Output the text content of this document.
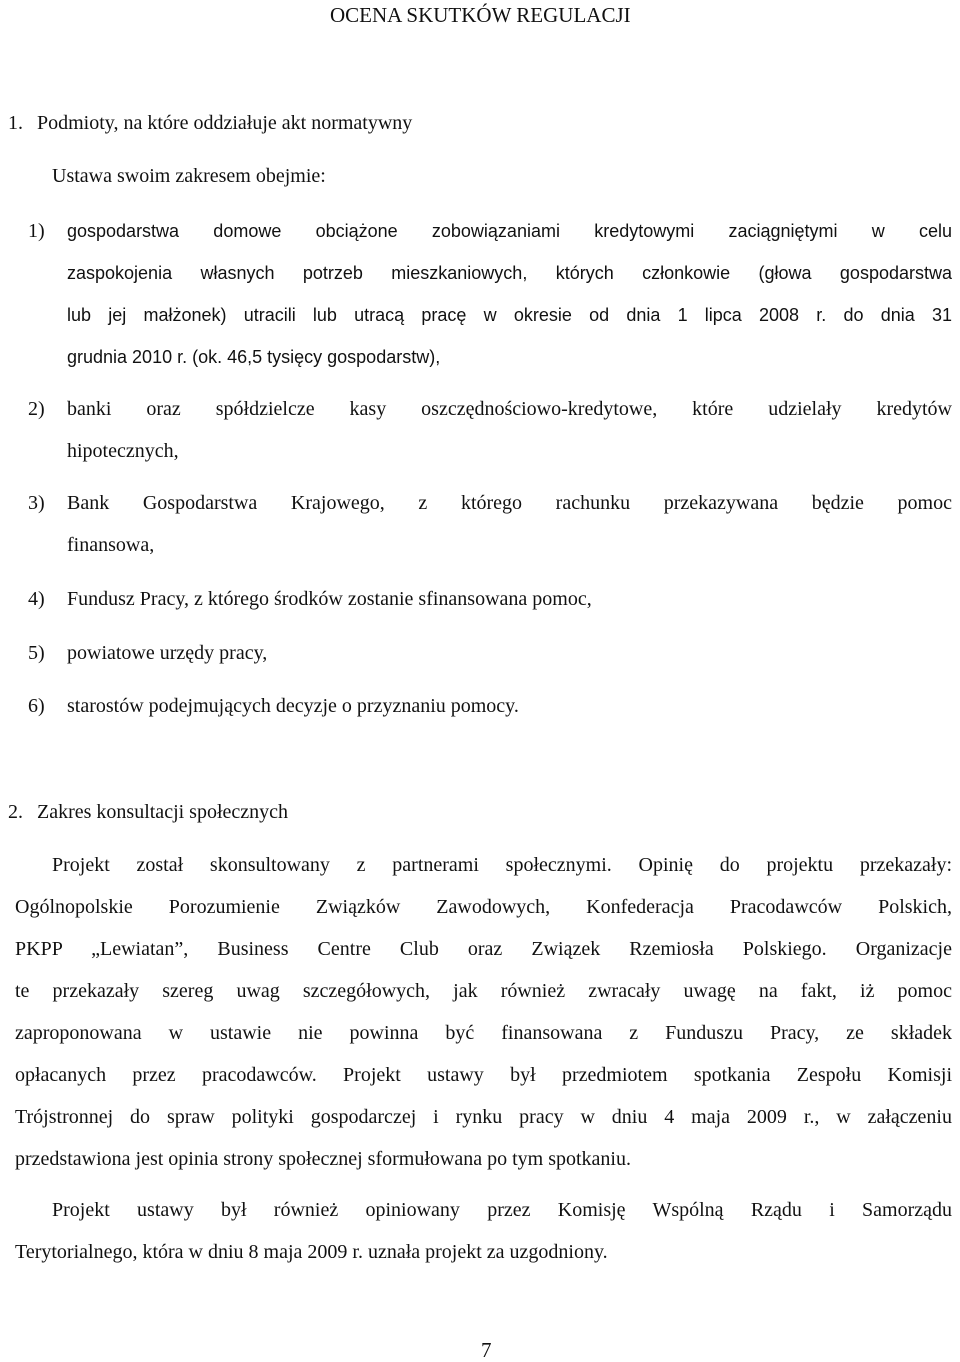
OCENA SKUTKÓW REGULACJI
1. Podmioty, na które oddziałuje akt normatywny
Ustawa swoim zakresem obejmie:
1)	gospodarstwa domowe obciążone zobowiązaniami kredytowymi zaciągniętymi w celu
zaspokojenia własnych potrzeb mieszkaniowych, których członkowie (głowa gospodarstwa
lub jej małżonek) utracili lub utracą pracę w okresie od dnia 1 lipca 2008 r. do dnia 31
grudnia 2010 r. (ok. 46,5 tysięcy gospodarstw),
2)	banki oraz spółdzielcze kasy oszczędnościowo-kredytowe, które udzielały kredytów
hipotecznych,
3)	Bank Gospodarstwa Krajowego, z którego rachunku przekazywana będzie pomoc
finansowa,
4)	Fundusz Pracy, z którego środków zostanie sfinansowana pomoc,
5)	powiatowe urzędy pracy,
6)	starostów podejmujących decyzje o przyznaniu pomocy.
2. Zakres konsultacji społecznych
Projekt został skonsultowany z partnerami społecznymi. Opinię do projektu przekazały:
Ogólnopolskie Porozumienie Związków Zawodowych, Konfederacja Pracodawców Polskich,
PKPP „Lewiatan”, Business Centre Club oraz Związek Rzemiosła Polskiego. Organizacje
te przekazały szereg uwag szczegółowych, jak również zwracały uwagę na fakt, iż pomoc
zaproponowana w ustawie nie powinna być finansowana z Funduszu Pracy, ze składek
opłacanych przez pracodawców. Projekt ustawy był przedmiotem spotkania Zespołu Komisji
Trójstronnej do spraw polityki gospodarczej i rynku pracy w dniu 4 maja 2009 r., w załączeniu
przedstawiona jest opinia strony społecznej sformułowana po tym spotkaniu.
Projekt ustawy był również opiniowany przez Komisję Wspólną Rządu i Samorządu
Terytorialnego, która w dniu 8 maja 2009 r. uznała projekt za uzgodniony.
7
